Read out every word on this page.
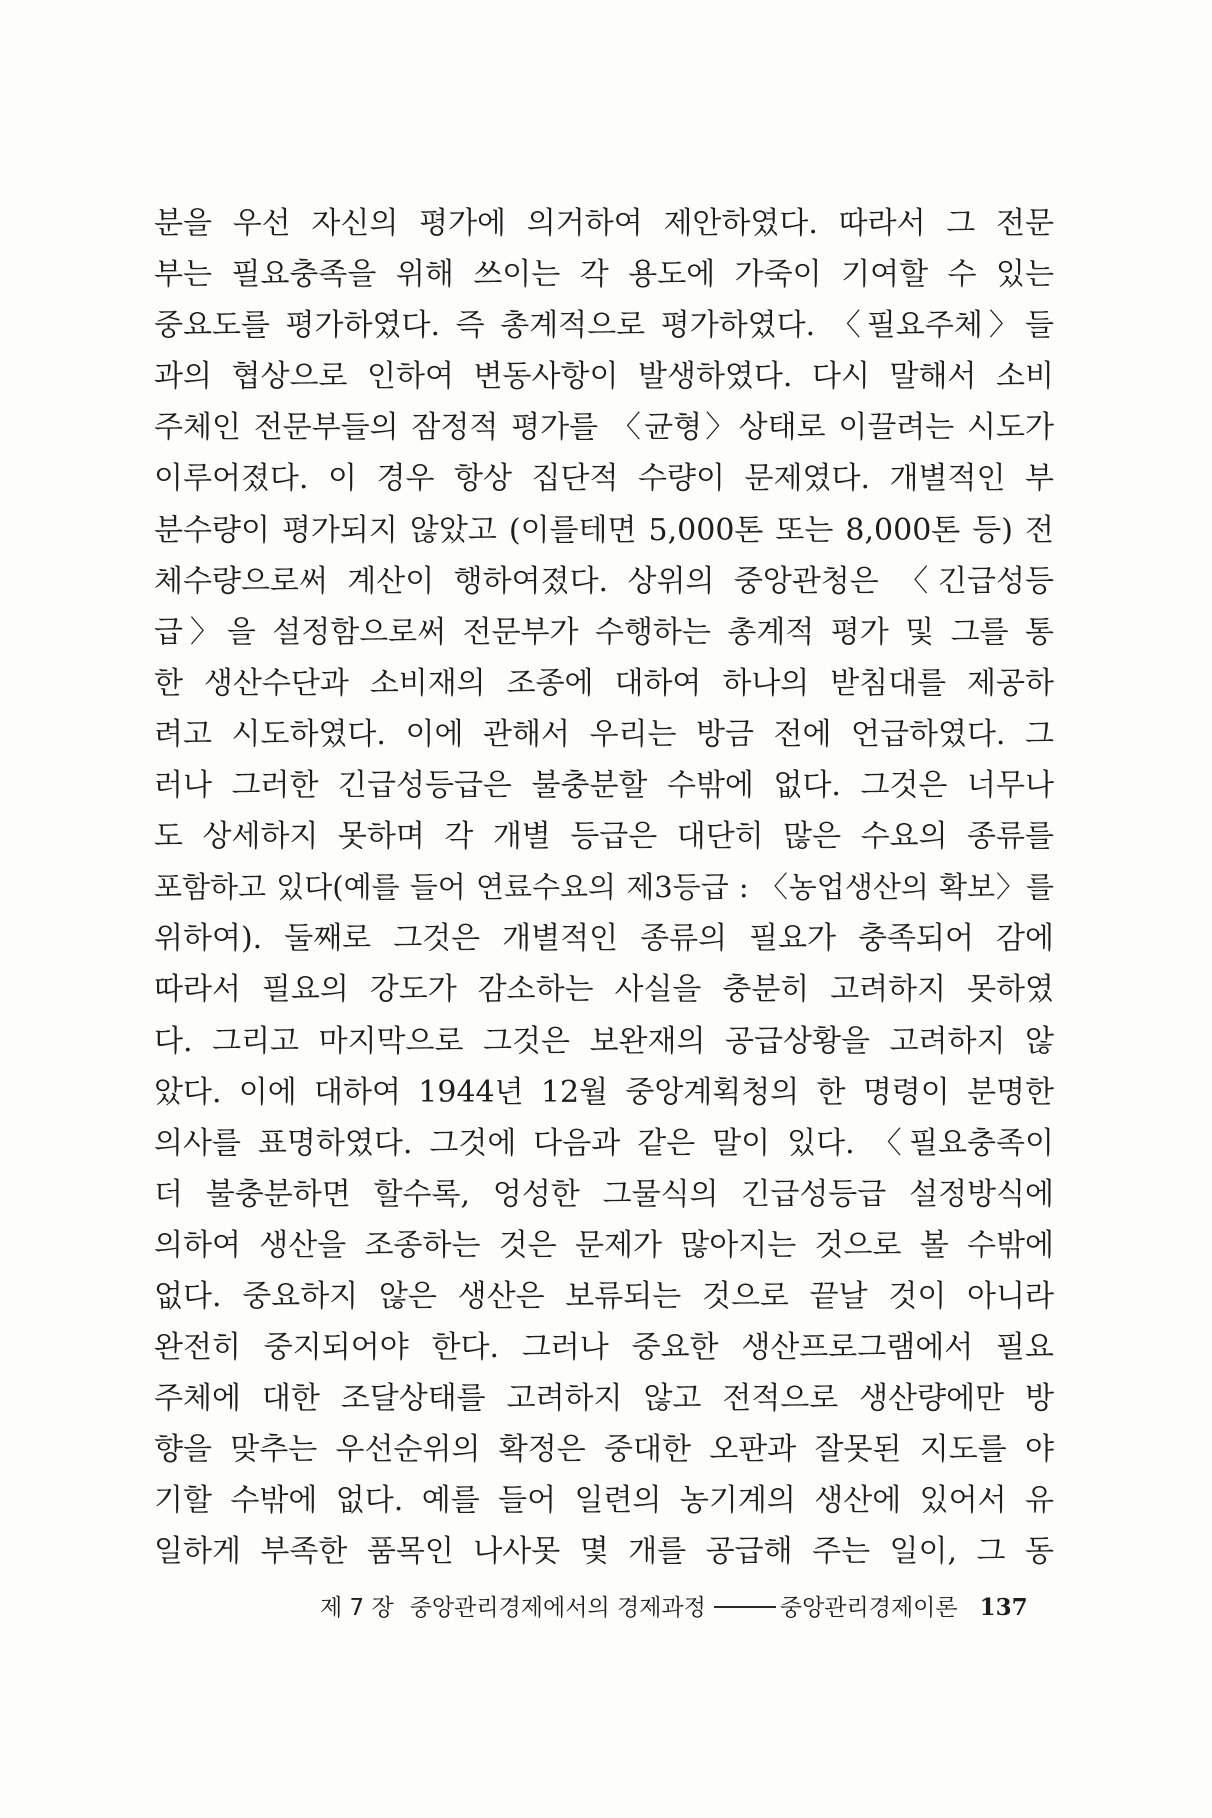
분을 우선 자신의 평가에 의거하여 제안하였다. 따라서 그 전문
부는 필요충족을 위해 쓰이는 각 용도에 가죽이 기여할 수 있는
중요도를 평가하였다. 즉 총계적으로 평가하였다. 〈필요주체〉들
과의 협상으로 인하여 변동사항이 발생하였다. 다시 말해서 소비
주체인 전문부들의 잠정적 평가를 〈균형〉상태로 이끌려는 시도가
이루어졌다. 이 경우 항상 집단적 수량이 문제였다. 개별적인 부
분수량이 평가되지 않았고 (이를테면 5,000톤 또는 8,000톤 등) 전
체수량으로써 계산이 행하여졌다. 상위의 중앙관청은 〈긴급성등
급〉을 설정함으로써 전문부가 수행하는 총계적 평가 및 그를 통
한 생산수단과 소비재의 조종에 대하여 하나의 받침대를 제공하
려고 시도하였다. 이에 관해서 우리는 방금 전에 언급하였다. 그
러나 그러한 긴급성등급은 불충분할 수밖에 없다. 그것은 너무나
도 상세하지 못하며 각 개별 등급은 대단히 많은 수요의 종류를
포함하고 있다(예를 들어 연료수요의 제3등급 : 〈농업생산의 확보〉를
위하여). 둘째로 그것은 개별적인 종류의 필요가 충족되어 감에
따라서 필요의 강도가 감소하는 사실을 충분히 고려하지 못하였
다. 그리고 마지막으로 그것은 보완재의 공급상황을 고려하지 않
았다. 이에 대하여 1944년 12월 중앙계획청의 한 명령이 분명한
의사를 표명하였다. 그것에 다음과 같은 말이 있다. 〈필요충족이
더 불충분하면 할수록, 엉성한 그물식의 긴급성등급 설정방식에
의하여 생산을 조종하는 것은 문제가 많아지는 것으로 볼 수밖에
없다. 중요하지 않은 생산은 보류되는 것으로 끝날 것이 아니라
완전히 중지되어야 한다. 그러나 중요한 생산프로그램에서 필요
주체에 대한 조달상태를 고려하지 않고 전적으로 생산량에만 방
향을 맞추는 우선순위의 확정은 중대한 오판과 잘못된 지도를 야
기할 수밖에 없다. 예를 들어 일련의 농기계의 생산에 있어서 유
일하게 부족한 품목인 나사못 몇 개를 공급해 주는 일이, 그 동
제 7 장 중앙관리경제에서의 경제과정	중앙관리경제이론 137
